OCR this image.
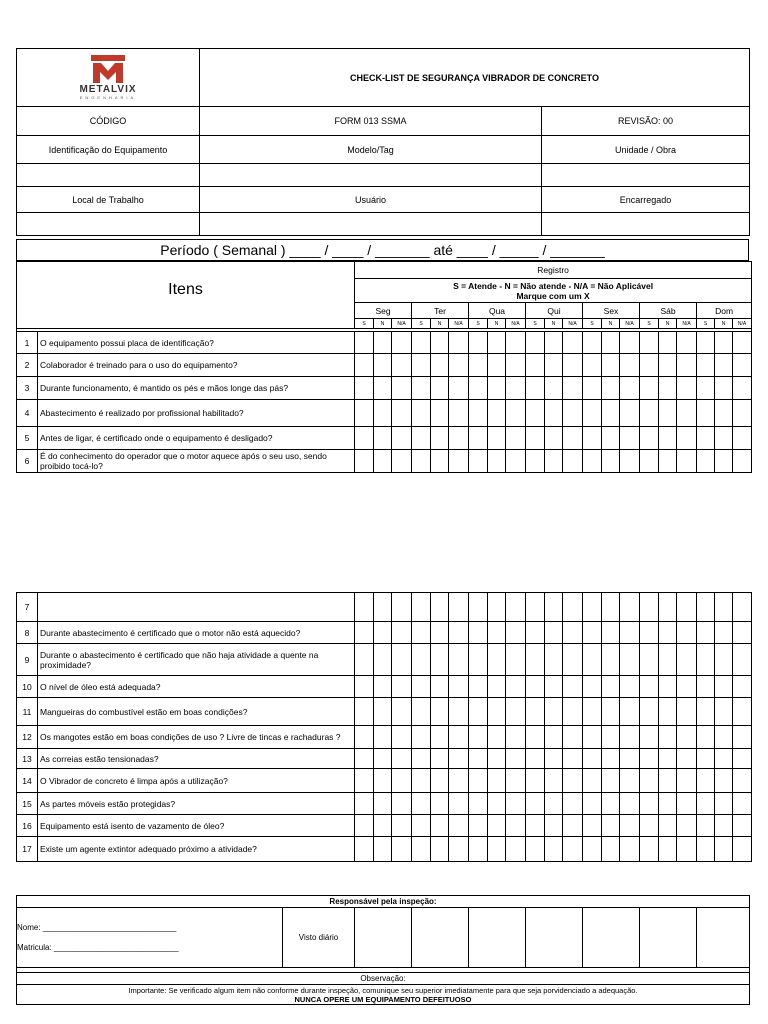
METALVIX
ENGENHARIA	CHECK-LIST DE SEGURANÇA VIBRADOR DE CONCRETO	
CÓDIGO	FORM 013 SSMA	REVISÃO: 00
Identificação do Equipamento	Modelo/Tag	Unidade / Obra

Local de Trabalho	Usuário	Encarregado

Período ( Semanal ) ____ / ____ / _______ até ____ / _____ / _______
Itens		Registro																				

		S = Atende - N = Não atende - N/A = Não Aplicável
Marque com um X																				

		Seg			Ter			Qua			Qui			Sex			Sáb			Dom		
		S	N	N/A	S	N	N/A	S	N	N/A	S	N	N/A	S	N	N/A	S	N	N/A	S	N	N/A

1	O equipamento possui placa de identificação?																					
2	Colaborador é treinado para o uso do equipamento?																					
3	Durante funcionamento, é mantido os pés e mãos longe das pás?																					
4	Abastecimento é realizado por profissional habilitado?																					
5	Antes de ligar, é certificado onde o equipamento é desligado?																					
6	É do conhecimento do operador que o motor aquece após o seu uso, sendo proibido tocá-lo?																					
7																						
8	Durante abastecimento é certificado que o motor não está aquecido?																					
9	Durante o abastecimento é certificado que não haja atividade a quente na proximidade?																					
10	O nível de óleo está adequada?																					
11	Mangueiras do combustível estão em boas condições?																					
12	Os mangotes estão em boas condições de uso ? Livre de tincas e rachaduras ?																					
13	As correias estão tensionadas?																					
14	O Vibrador de concreto é limpa após a utilização?																					
15	As partes móveis estão protegidas?																					
16	Equipamento está isento de vazamento de óleo?																					
17	Existe um agente extintor adequado próximo a atividade?																					
Responsável pela inspeção:

Nome: ______________________________
Matricula: ____________________________
	Visto diário							

Observação:

Importante: Se verificado algum item não conforme durante inspeção, comunique seu superior imediatamente para que seja porvidenciado a adequação.
NUNCA OPERE UM EQUIPAMENTO DEFEITUOSO
